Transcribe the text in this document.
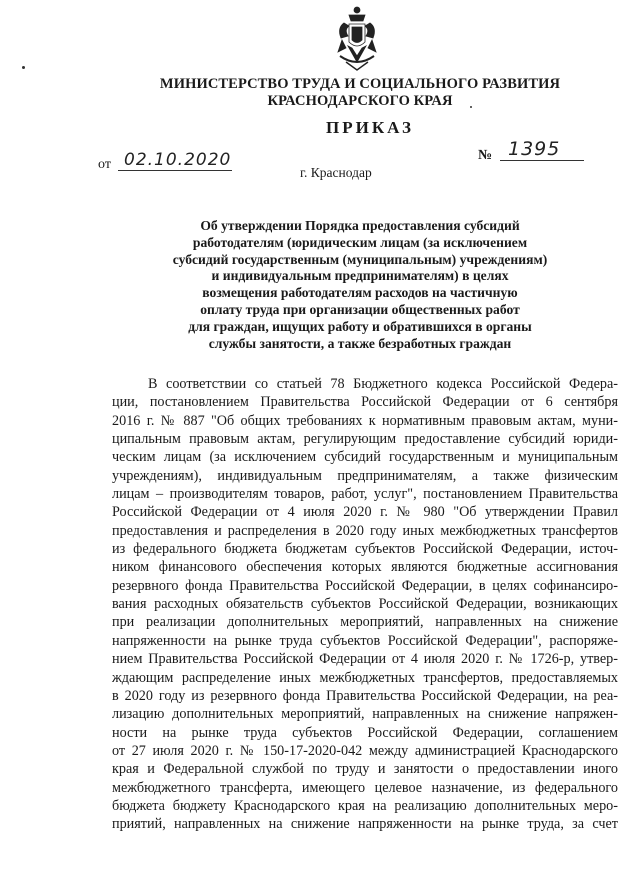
МИНИСТЕРСТВО ТРУДА И СОЦИАЛЬНОГО РАЗВИТИЯ
КРАСНОДАРСКОГО КРАЯ
ПРИКАЗ
от 02.10.2020	№ 1395
г. Краснодар
Об утверждении Порядка предоставления субсидий
работодателям (юридическим лицам (за исключением
субсидий государственным (муниципальным) учреждениям)
и индивидуальным предпринимателям) в целях
возмещения работодателям расходов на частичную
оплату труда при организации общественных работ
для граждан, ищущих работу и обратившихся в органы
службы занятости, а также безработных граждан
В соответствии со статьей 78 Бюджетного кодекса Российской Федера-
ции, постановлением Правительства Российской Федерации от 6 сентября
2016 г. № 887 "Об общих требованиях к нормативным правовым актам, муни-
ципальным правовым актам, регулирующим предоставление субсидий юриди-
ческим лицам (за исключением субсидий государственным и муниципальным
учреждениям), индивидуальным предпринимателям, а также физическим
лицам – производителям товаров, работ, услуг", постановлением Правительства
Российской Федерации от 4 июля 2020 г. № 980 "Об утверждении Правил
предоставления и распределения в 2020 году иных межбюджетных трансфертов
из федерального бюджета бюджетам субъектов Российской Федерации, источ-
ником финансового обеспечения которых являются бюджетные ассигнования
резервного фонда Правительства Российской Федерации, в целях софинансиро-
вания расходных обязательств субъектов Российской Федерации, возникающих
при реализации дополнительных мероприятий, направленных на снижение
напряженности на рынке труда субъектов Российской Федерации", распоряже-
нием Правительства Российской Федерации от 4 июля 2020 г. № 1726-р, утвер-
ждающим распределение иных межбюджетных трансфертов, предоставляемых
в 2020 году из резервного фонда Правительства Российской Федерации, на реа-
лизацию дополнительных мероприятий, направленных на снижение напряжен-
ности на рынке труда субъектов Российской Федерации, соглашением
от 27 июля 2020 г. № 150-17-2020-042 между администрацией Краснодарского
края и Федеральной службой по труду и занятости о предоставлении иного
межбюджетного трансферта, имеющего целевое назначение, из федерального
бюджета бюджету Краснодарского края на реализацию дополнительных меро-
приятий, направленных на снижение напряженности на рынке труда, за счет
